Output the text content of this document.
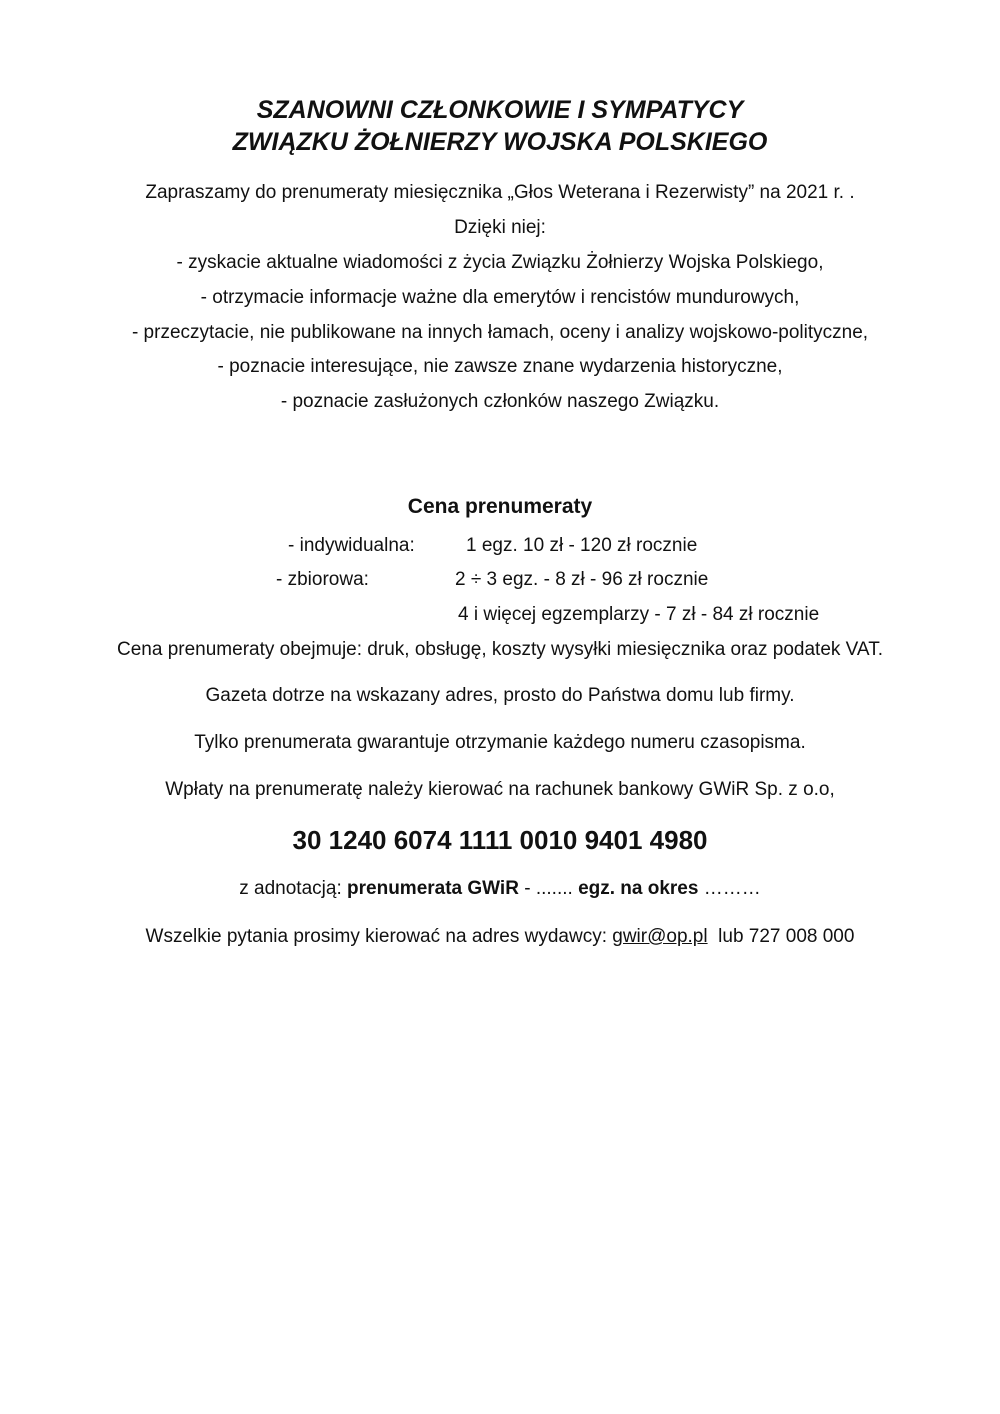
SZANOWNI CZŁONKOWIE I SYMPATYCY
ZWIĄZKU ŻOŁNIERZY WOJSKA POLSKIEGO
Zapraszamy do prenumeraty miesięcznika „Głos Weterana i Rezerwisty” na 2021 r. .
Dzięki niej:
- zyskacie aktualne wiadomości z życia Związku Żołnierzy Wojska Polskiego,
- otrzymacie informacje ważne dla emerytów i rencistów mundurowych,
- przeczytacie, nie publikowane na innych łamach, oceny i analizy wojskowo-polityczne,
- poznacie interesujące, nie zawsze znane wydarzenia historyczne,
- poznacie zasłużonych członków naszego Związku.
Cena prenumeraty
- indywidualna:	1 egz. 10 zł - 120 zł rocznie
- zbiorowa:	2 ÷ 3 egz. - 8 zł - 96 zł rocznie
4 i więcej egzemplarzy - 7 zł - 84 zł rocznie
Cena prenumeraty obejmuje: druk, obsługę, koszty wysyłki miesięcznika oraz podatek VAT.
Gazeta dotrze na wskazany adres, prosto do Państwa domu lub firmy.
Tylko prenumerata gwarantuje otrzymanie każdego numeru czasopisma.
Wpłaty na prenumeratę należy kierować na rachunek bankowy GWiR Sp. z o.o,
30 1240 6074 1111 0010 9401 4980
z adnotacją: prenumerata GWiR - ....... egz. na okres ………
Wszelkie pytania prosimy kierować na adres wydawcy: gwir@op.pl  lub 727 008 000
